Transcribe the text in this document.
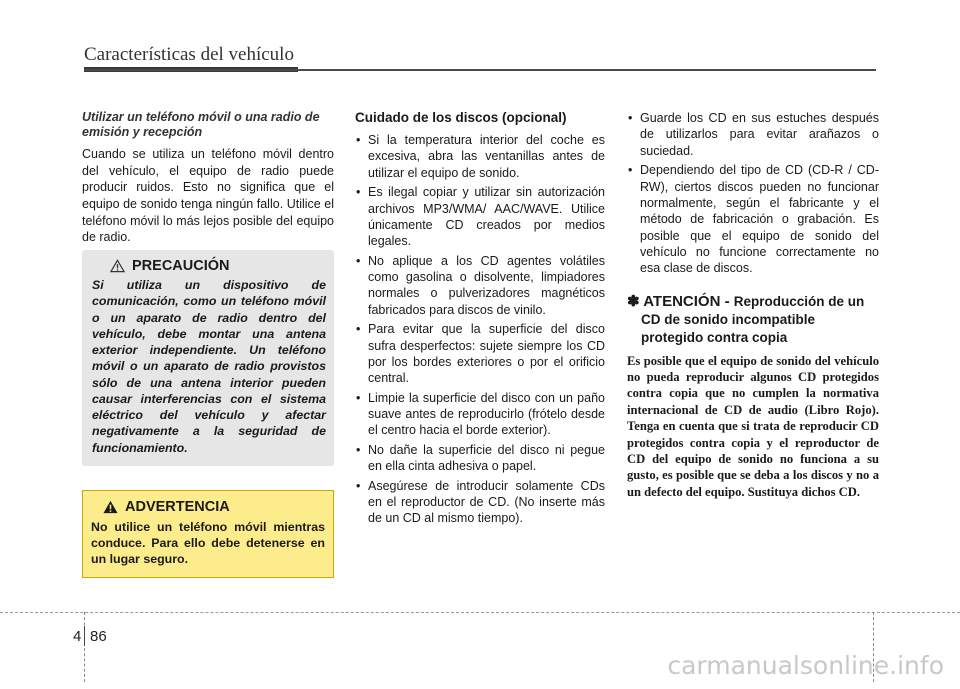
Características del vehículo

Utilizar un teléfono móvil o una radio de emisión y recepción

Cuando se utiliza un teléfono móvil dentro del vehículo, el equipo de radio puede producir ruidos. Esto no significa que el equipo de sonido tenga ningún fallo. Utilice el teléfono móvil lo más lejos posible del equipo de radio.

PRECAUCIÓN

Si utiliza un dispositivo de comunicación, como un teléfono móvil o un aparato de radio dentro del vehículo, debe montar una antena exterior independiente. Un teléfono móvil o un aparato de radio provistos sólo de una antena interior pueden causar interferencias con el sistema eléctrico del vehículo y afectar negativamente a la seguridad de funcionamiento.

ADVERTENCIA

No utilice un teléfono móvil mientras conduce. Para ello debe detenerse en un lugar seguro.

Cuidado de los discos (opcional)
• Si la temperatura interior del coche es excesiva, abra las ventanillas antes de utilizar el equipo de sonido.
• Es ilegal copiar y utilizar sin autorización archivos MP3/WMA/ AAC/WAVE. Utilice únicamente CD creados por medios legales.
• No aplique a los CD agentes volátiles como gasolina o disolvente, limpiadores normales o pulverizadores magnéticos fabricados para discos de vinilo.
• Para evitar que la superficie del disco sufra desperfectos: sujete siempre los CD por los bordes exteriores o por el orificio central.
• Limpie la superficie del disco con un paño suave antes de reproducirlo (frótelo desde el centro hacia el borde exterior).
• No dañe la superficie del disco ni pegue en ella cinta adhesiva o papel.
• Asegúrese de introducir solamente CDs en el reproductor de CD. (No inserte más de un CD al mismo tiempo).
• Guarde los CD en sus estuches después de utilizarlos para evitar arañazos o suciedad.
• Dependiendo del tipo de CD (CD-R / CD-RW), ciertos discos pueden no funcionar normalmente, según el fabricante y el método de fabricación o grabación. Es posible que el equipo de sonido del vehículo no funcione correctamente no esa clase de discos.
✽ ATENCIÓN - Reproducción de un CD de sonido incompatible protegido contra copia

Es posible que el equipo de sonido del vehículo no pueda reproducir algunos CD protegidos contra copia que no cumplen la normativa internacional de CD de audio (Libro Rojo). Tenga en cuenta que si trata de reproducir CD protegidos contra copia y el reproductor de CD del equipo de sonido no funciona a su gusto, es posible que se deba a los discos y no a un defecto del equipo. Sustituya dichos CD.

4 86
carmanualsonline.info
